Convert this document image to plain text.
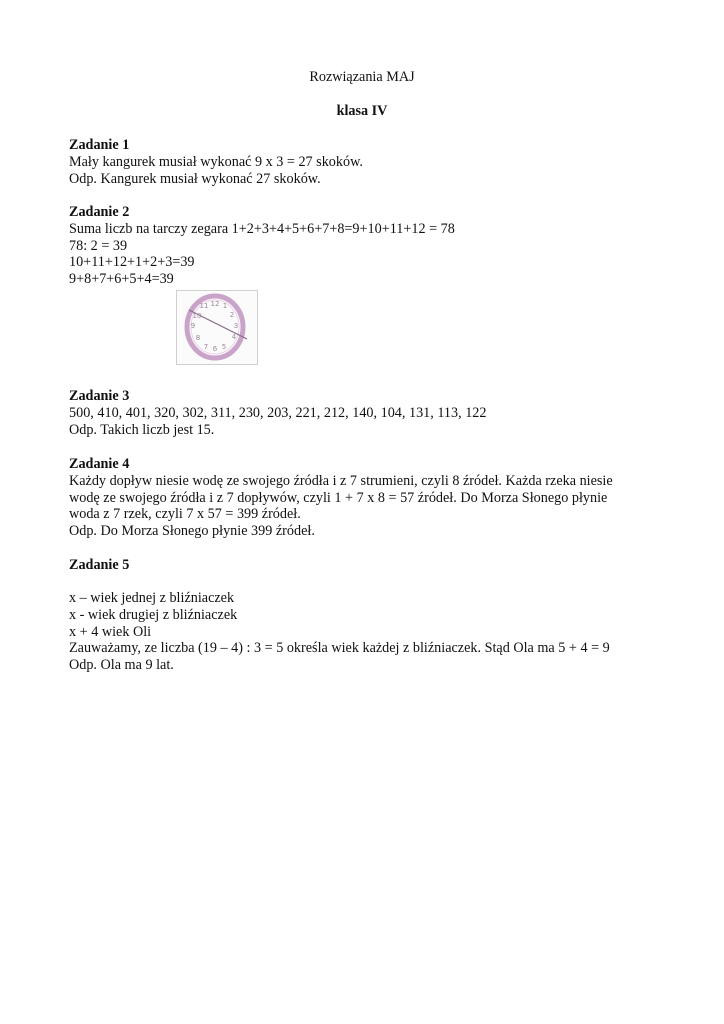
Rozwiązania MAJ
klasa IV
Zadanie 1
Mały kangurek musiał wykonać 9 x 3 = 27 skoków.
Odp. Kangurek musiał wykonać 27 skoków.
Zadanie 2
Suma liczb na tarczy zegara 1+2+3+4+5+6+7+8=9+10+11+12 = 78
78: 2 = 39
10+11+12+1+2+3=39
9+8+7+6+5+4=39
12 1
11
10
9	3
2
4
8
6
7 5
Zadanie 3
500, 410, 401, 320, 302, 311, 230, 203, 221, 212, 140, 104, 131, 113, 122
Odp. Takich liczb jest 15.
Zadanie 4
Każdy dopływ niesie wodę ze swojego źródła i z 7 strumieni, czyli 8 źródeł. Każda rzeka niesie
wodę ze swojego źródła i z 7 dopływów, czyli 1 + 7 x 8 = 57 źródeł. Do Morza Słonego płynie
woda z 7 rzek, czyli 7 x 57 = 399 źródeł.
Odp. Do Morza Słonego płynie 399 źródeł.
Zadanie 5
x – wiek jednej z bliźniaczek
x - wiek drugiej z bliźniaczek
x + 4 wiek Oli
Zauważamy, ze liczba (19 – 4) : 3 = 5 określa wiek każdej z bliźniaczek. Stąd Ola ma 5 + 4 = 9
Odp. Ola ma 9 lat.
